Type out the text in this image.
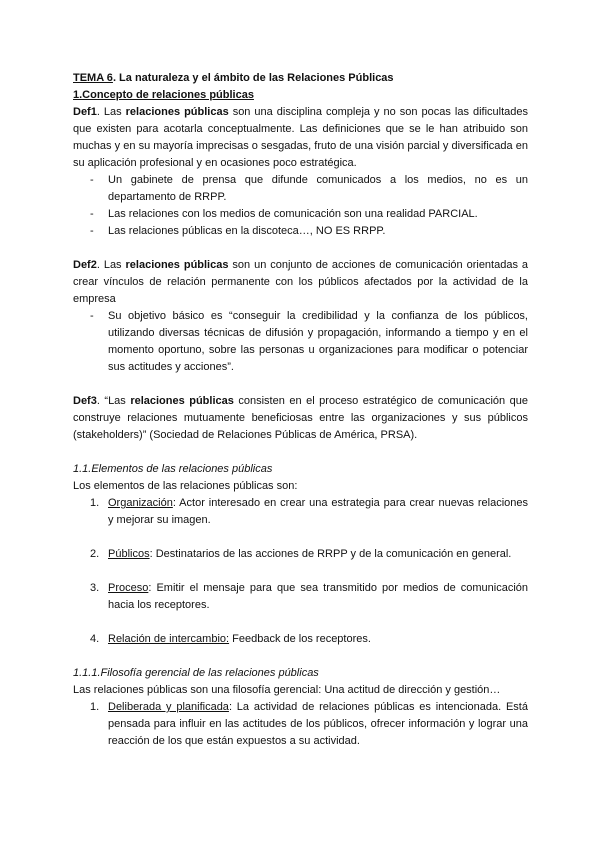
TEMA 6. La naturaleza y el ámbito de las Relaciones Públicas

1.Concepto de relaciones públicas

Def1. Las relaciones públicas son una disciplina compleja y no son pocas las dificultades que existen para acotarla conceptualmente. Las definiciones que se le han atribuido son muchas y en su mayoría imprecisas o sesgadas, fruto de una visión parcial y diversificada en su aplicación profesional y en ocasiones poco estratégica.

- Un gabinete de prensa que difunde comunicados a los medios, no es un departamento de RRPP.
- Las relaciones con los medios de comunicación son una realidad PARCIAL.
- Las relaciones públicas en la discoteca…, NO ES RRPP.

Def2. Las relaciones públicas son un conjunto de acciones de comunicación orientadas a crear vínculos de relación permanente con los públicos afectados por la actividad de la empresa

- Su objetivo básico es “conseguir la credibilidad y la confianza de los públicos, utilizando diversas técnicas de difusión y propagación, informando a tiempo y en el momento oportuno, sobre las personas u organizaciones para modificar o potenciar sus actitudes y acciones”.

Def3. “Las relaciones públicas consisten en el proceso estratégico de comunicación que construye relaciones mutuamente beneficiosas entre las organizaciones y sus públicos (stakeholders)” (Sociedad de Relaciones Públicas de América, PRSA).

1.1.Elementos de las relaciones públicas

Los elementos de las relaciones públicas son:

1. Organización: Actor interesado en crear una estrategia para crear nuevas relaciones y mejorar su imagen.
2. Públicos: Destinatarios de las acciones de RRPP y de la comunicación en general.
3. Proceso: Emitir el mensaje para que sea transmitido por medios de comunicación hacia los receptores.
4. Relación de intercambio: Feedback de los receptores.

1.1.1.Filosofía gerencial de las relaciones públicas

Las relaciones públicas son una filosofía gerencial: Una actitud de dirección y gestión…

1. Deliberada y planificada: La actividad de relaciones públicas es intencionada. Está pensada para influir en las actitudes de los públicos, ofrecer información y lograr una reacción de los que están expuestos a su actividad.
